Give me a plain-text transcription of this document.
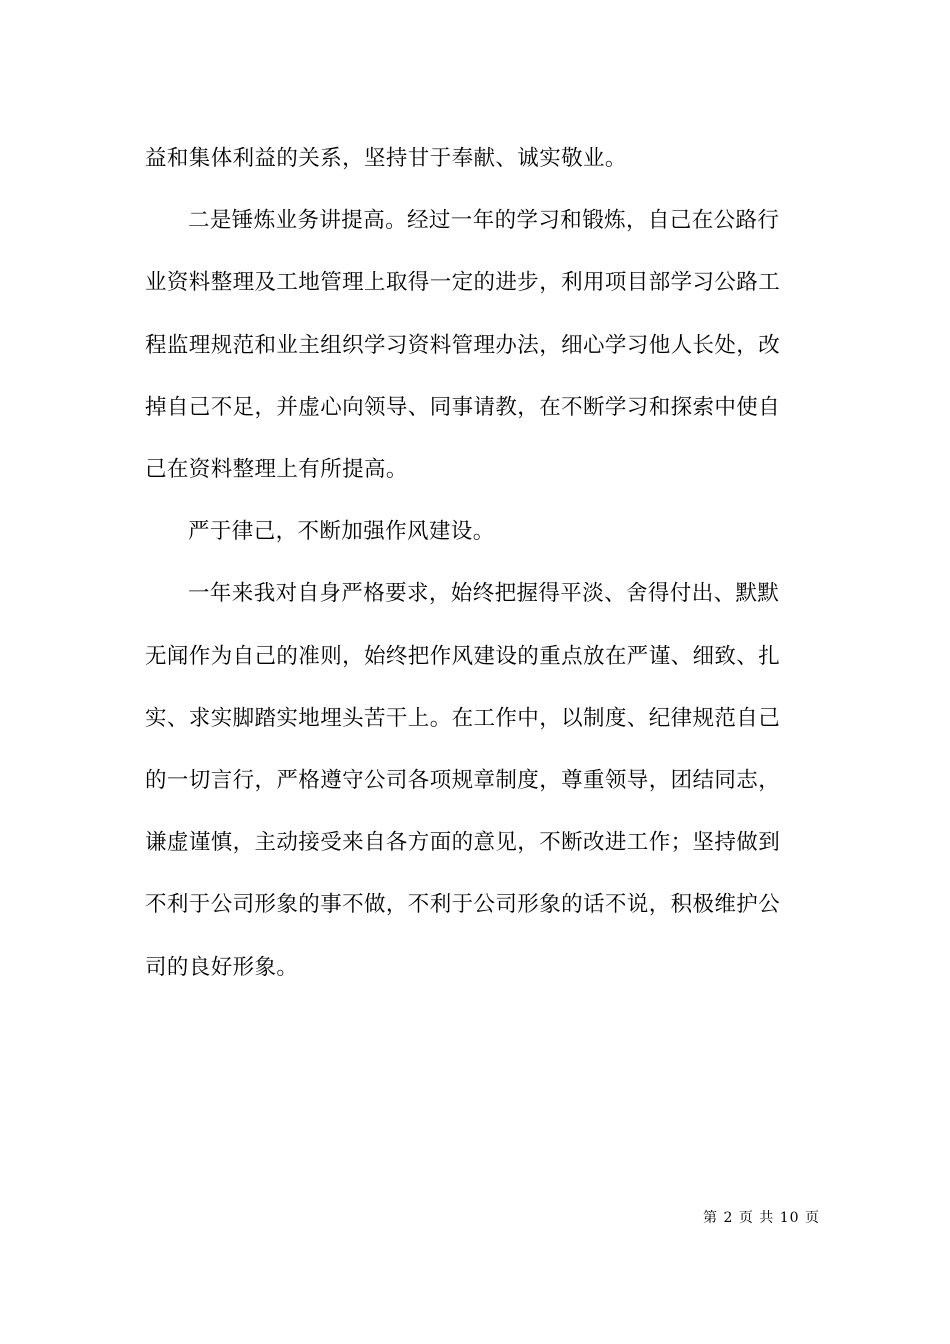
益和集体利益的关系，坚持甘于奉献、诚实敬业。

二是锤炼业务讲提高。经过一年的学习和锻炼，自己在公路行

业资料整理及工地管理上取得一定的进步，利用项目部学习公路工

程监理规范和业主组织学习资料管理办法，细心学习他人长处，改

掉自己不足，并虚心向领导、同事请教，在不断学习和探索中使自

己在资料整理上有所提高。

严于律己，不断加强作风建设。

一年来我对自身严格要求，始终把握得平淡、舍得付出、默默

无闻作为自己的准则，始终把作风建设的重点放在严谨、细致、扎

实、求实脚踏实地埋头苦干上。在工作中，以制度、纪律规范自己

的一切言行，严格遵守公司各项规章制度，尊重领导，团结同志，

谦虚谨慎，主动接受来自各方面的意见，不断改进工作；坚持做到

不利于公司形象的事不做，不利于公司形象的话不说，积极维护公

司的良好形象。

第 2 页 共 10 页
